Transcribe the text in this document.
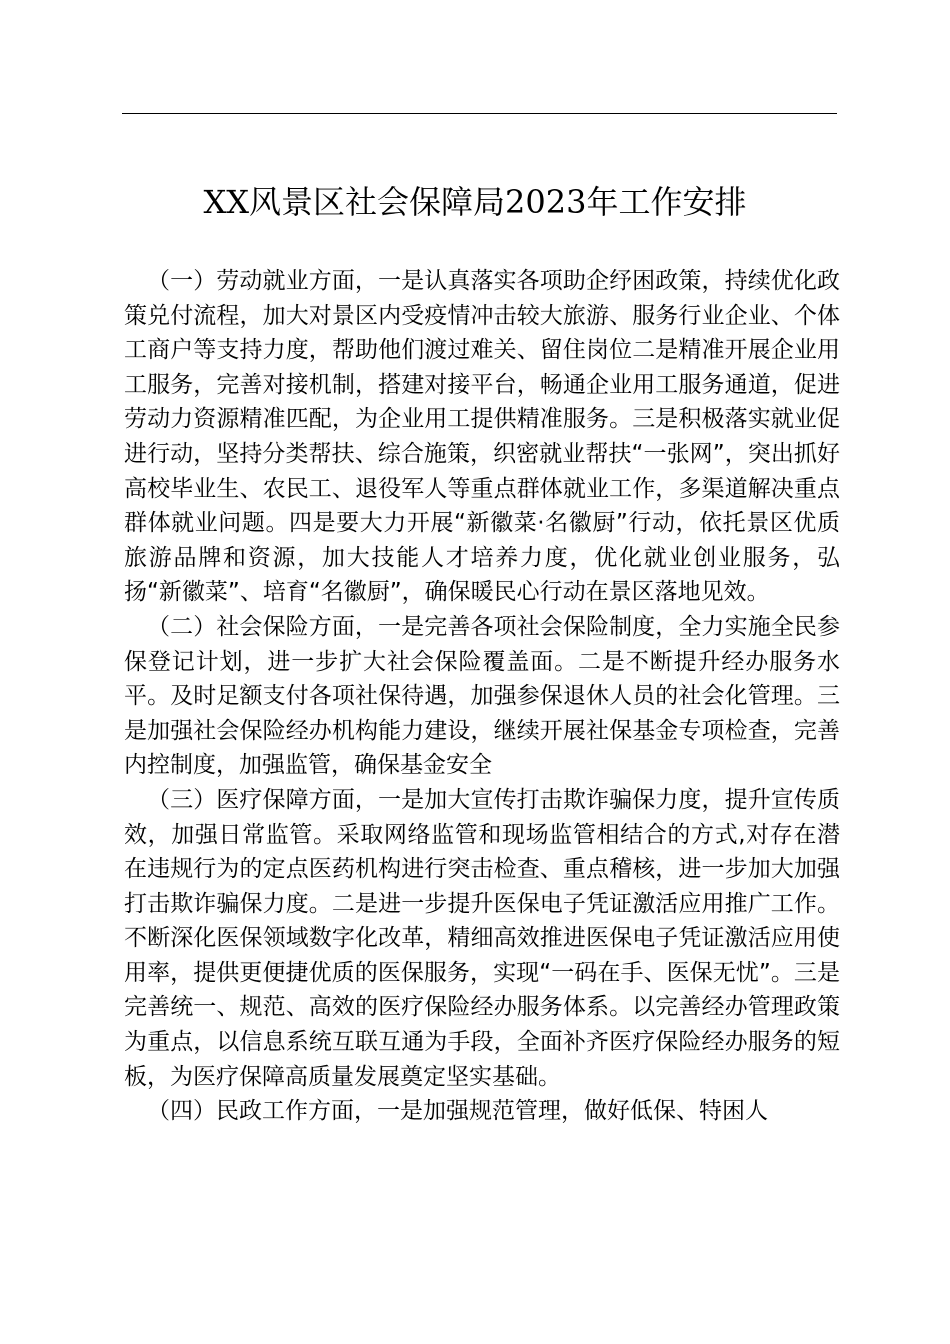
XX风景区社会保障局2023年工作安排

（一）劳动就业方面，一是认真落实各项助企纾困政策，持续优化政策兑付流程，加大对景区内受疫情冲击较大旅游、服务行业企业、个体工商户等支持力度，帮助他们渡过难关、留住岗位二是精准开展企业用工服务，完善对接机制，搭建对接平台，畅通企业用工服务通道，促进劳动力资源精准匹配，为企业用工提供精准服务。三是积极落实就业促进行动，坚持分类帮扶、综合施策，织密就业帮扶“一张网”，突出抓好高校毕业生、农民工、退役军人等重点群体就业工作，多渠道解决重点群体就业问题。四是要大力开展“新徽菜·名徽厨”行动，依托景区优质旅游品牌和资源，加大技能人才培养力度，优化就业创业服务，弘扬“新徽菜”、培育“名徽厨”，确保暖民心行动在景区落地见效。

（二）社会保险方面，一是完善各项社会保险制度，全力实施全民参保登记计划，进一步扩大社会保险覆盖面。二是不断提升经办服务水平。及时足额支付各项社保待遇，加强参保退休人员的社会化管理。三是加强社会保险经办机构能力建设，继续开展社保基金专项检查，完善内控制度，加强监管，确保基金安全

（三）医疗保障方面，一是加大宣传打击欺诈骗保力度，提升宣传质效，加强日常监管。采取网络监管和现场监管相结合的方式,对存在潜在违规行为的定点医药机构进行突击检查、重点稽核，进一步加大加强打击欺诈骗保力度。二是进一步提升医保电子凭证激活应用推广工作。不断深化医保领域数字化改革，精细高效推进医保电子凭证激活应用使用率，提供更便捷优质的医保服务，实现“一码在手、医保无忧”。三是完善统一、规范、高效的医疗保险经办服务体系。以完善经办管理政策为重点，以信息系统互联互通为手段，全面补齐医疗保险经办服务的短板，为医疗保障高质量发展奠定坚实基础。

（四）民政工作方面，一是加强规范管理，做好低保、特困人
